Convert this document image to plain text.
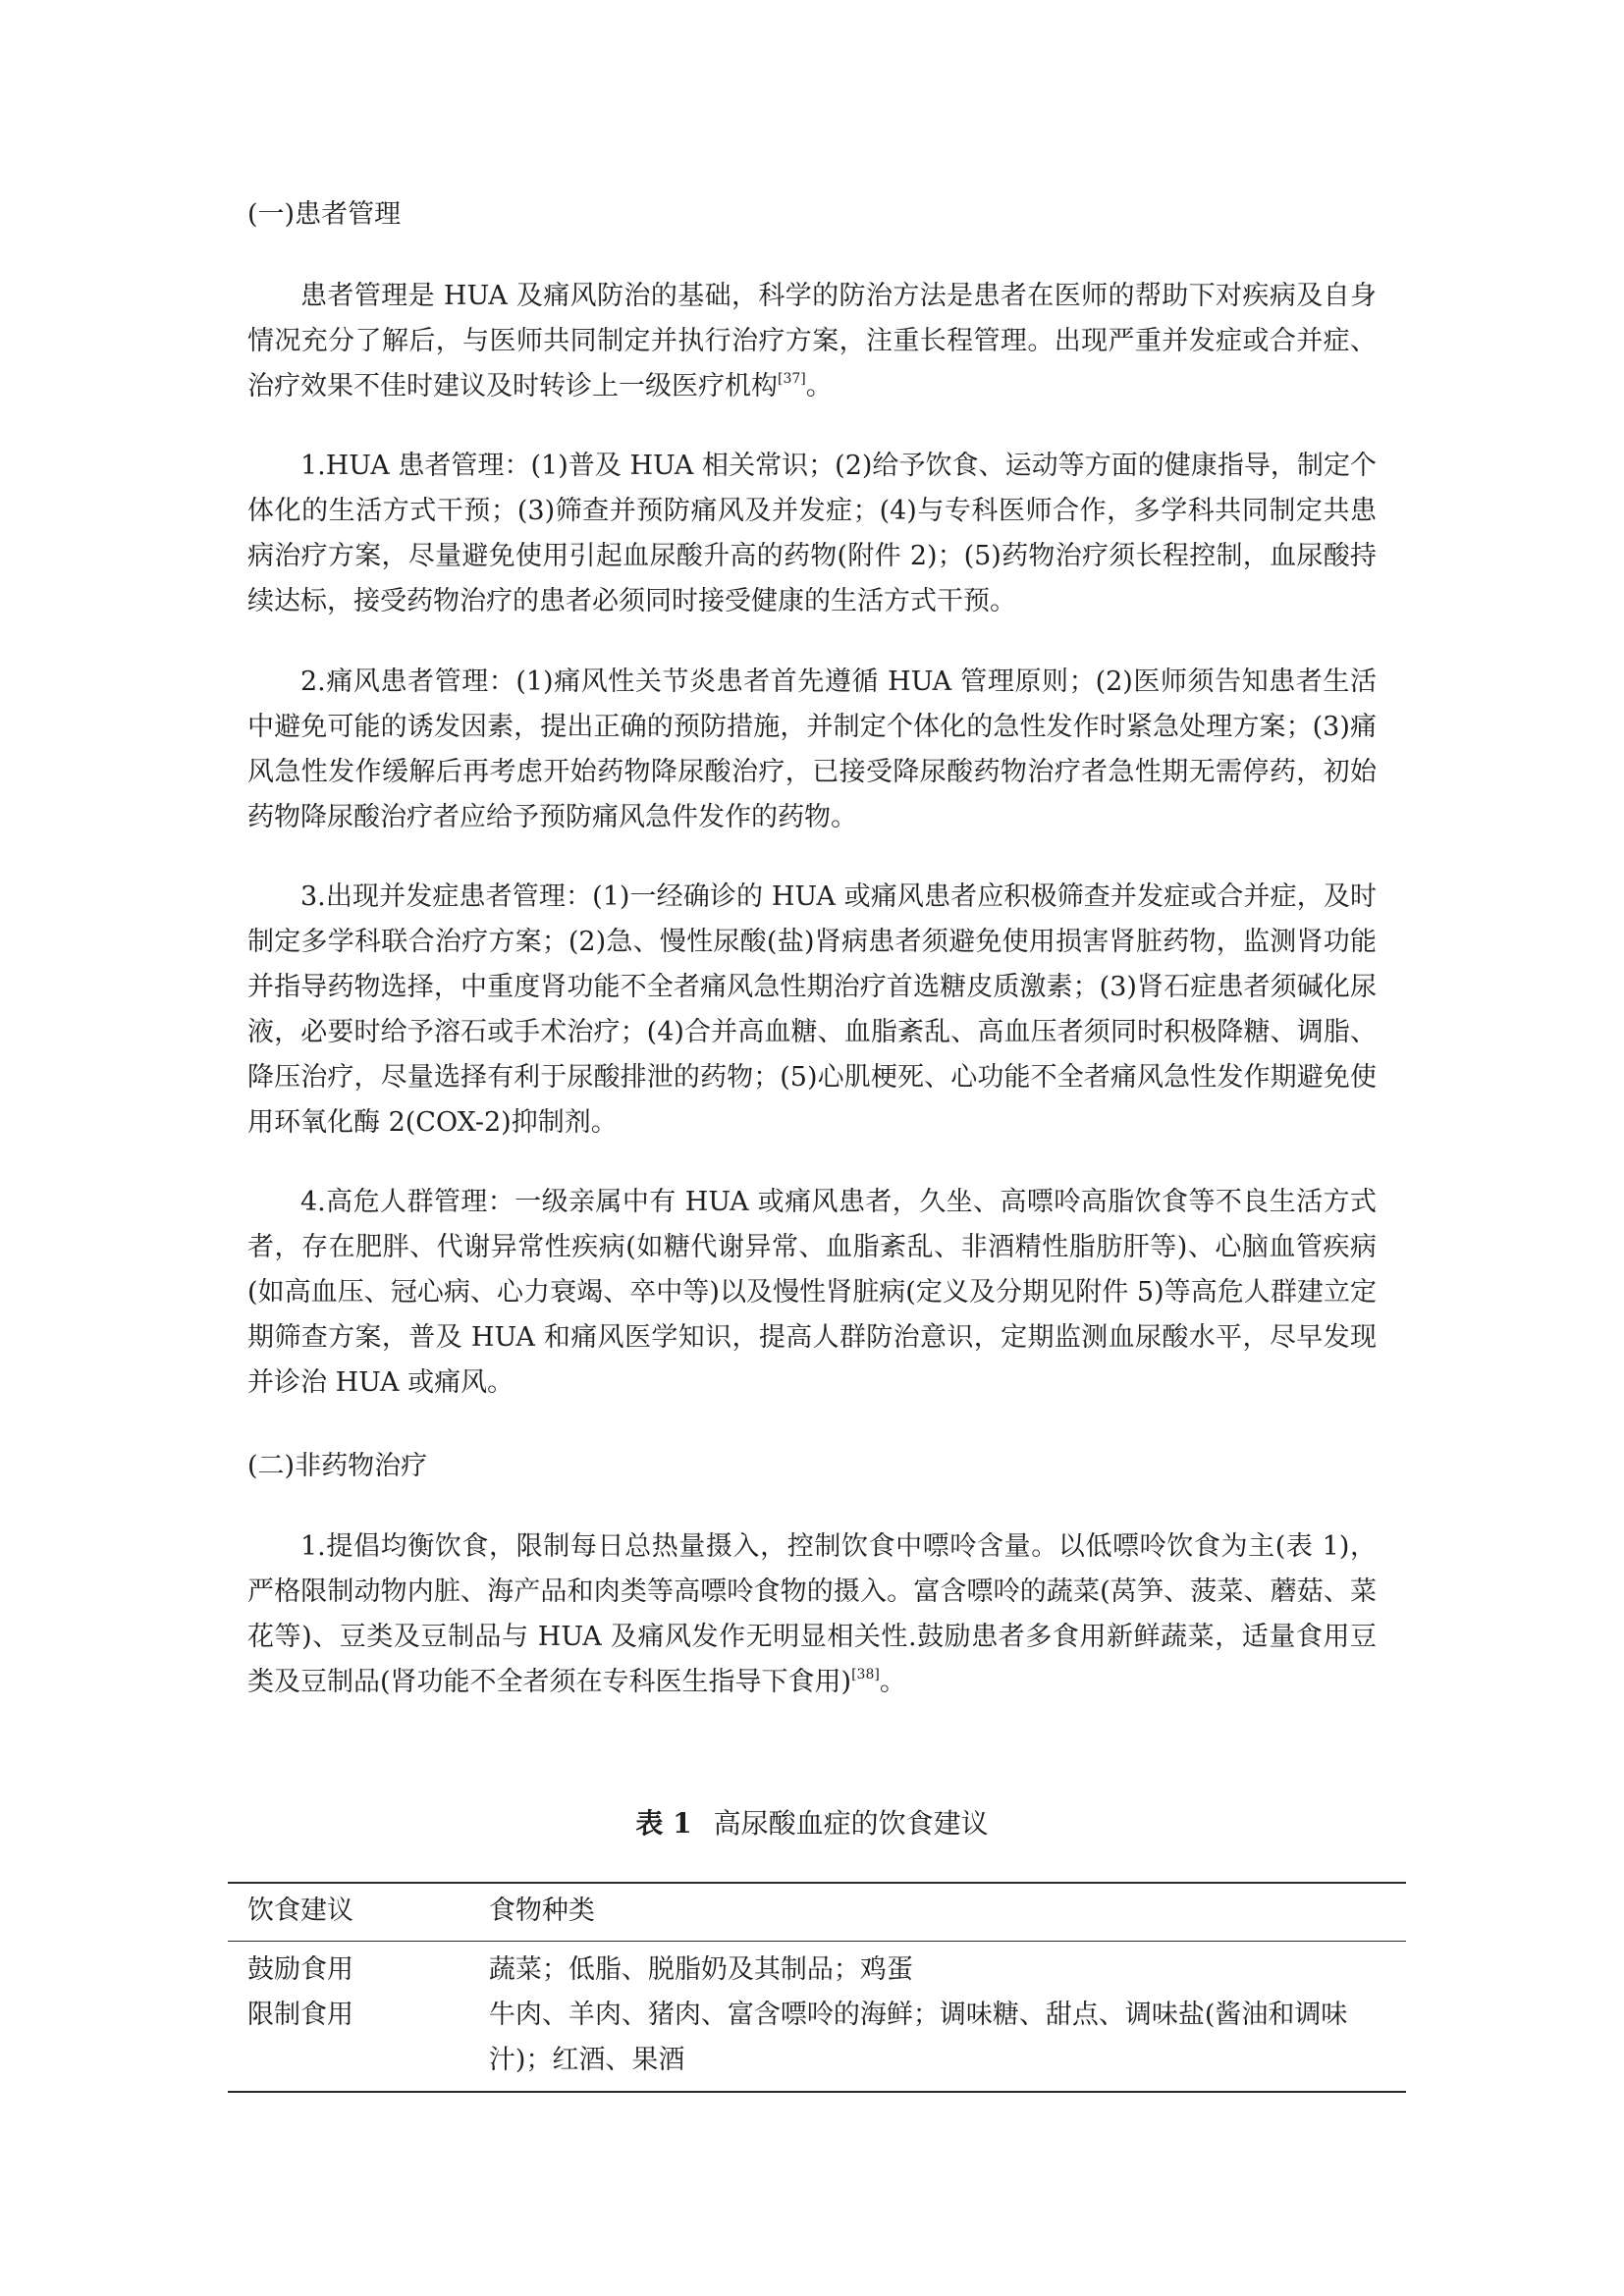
(一)患者管理

患者管理是 HUA 及痛风防治的基础，科学的防治方法是患者在医师的帮助下对疾病及自身情况充分了解后，与医师共同制定并执行治疗方案，注重长程管理。出现严重并发症或合并症、治疗效果不佳时建议及时转诊上一级医疗机构[37]。

1.HUA 患者管理：(1)普及 HUA 相关常识；(2)给予饮食、运动等方面的健康指导，制定个体化的生活方式干预；(3)筛查并预防痛风及并发症；(4)与专科医师合作，多学科共同制定共患病治疗方案，尽量避免使用引起血尿酸升高的药物(附件 2)；(5)药物治疗须长程控制，血尿酸持续达标，接受药物治疗的患者必须同时接受健康的生活方式干预。

2.痛风患者管理：(1)痛风性关节炎患者首先遵循 HUA 管理原则；(2)医师须告知患者生活中避免可能的诱发因素，提出正确的预防措施，并制定个体化的急性发作时紧急处理方案；(3)痛风急性发作缓解后再考虑开始药物降尿酸治疗，已接受降尿酸药物治疗者急性期无需停药，初始药物降尿酸治疗者应给予预防痛风急件发作的药物。

3.出现并发症患者管理：(1)一经确诊的 HUA 或痛风患者应积极筛查并发症或合并症，及时制定多学科联合治疗方案；(2)急、慢性尿酸(盐)肾病患者须避免使用损害肾脏药物，监测肾功能并指导药物选择，中重度肾功能不全者痛风急性期治疗首选糖皮质激素；(3)肾石症患者须碱化尿液，必要时给予溶石或手术治疗；(4)合并高血糖、血脂紊乱、高血压者须同时积极降糖、调脂、降压治疗，尽量选择有利于尿酸排泄的药物；(5)心肌梗死、心功能不全者痛风急性发作期避免使用环氧化酶 2(COX-2)抑制剂。

4.高危人群管理：一级亲属中有 HUA 或痛风患者，久坐、高嘌呤高脂饮食等不良生活方式者，存在肥胖、代谢异常性疾病(如糖代谢异常、血脂紊乱、非酒精性脂肪肝等)、心脑血管疾病(如高血压、冠心病、心力衰竭、卒中等)以及慢性肾脏病(定义及分期见附件 5)等高危人群建立定期筛查方案，普及 HUA 和痛风医学知识，提高人群防治意识，定期监测血尿酸水平，尽早发现并诊治 HUA 或痛风。

(二)非药物治疗

1.提倡均衡饮食，限制每日总热量摄入，控制饮食中嘌呤含量。以低嘌呤饮食为主(表 1)，严格限制动物内脏、海产品和肉类等高嘌呤食物的摄入。富含嘌呤的蔬菜(莴笋、菠菜、蘑菇、菜花等)、豆类及豆制品与 HUA 及痛风发作无明显相关性.鼓励患者多食用新鲜蔬菜，适量食用豆类及豆制品(肾功能不全者须在专科医生指导下食用)[38]。

表 1 高尿酸血症的饮食建议

饮食建议	食物种类
鼓励食用	蔬菜；低脂、脱脂奶及其制品；鸡蛋
限制食用	牛肉、羊肉、猪肉、富含嘌呤的海鲜；调味糖、甜点、调味盐(酱油和调味汁)；红酒、果酒
